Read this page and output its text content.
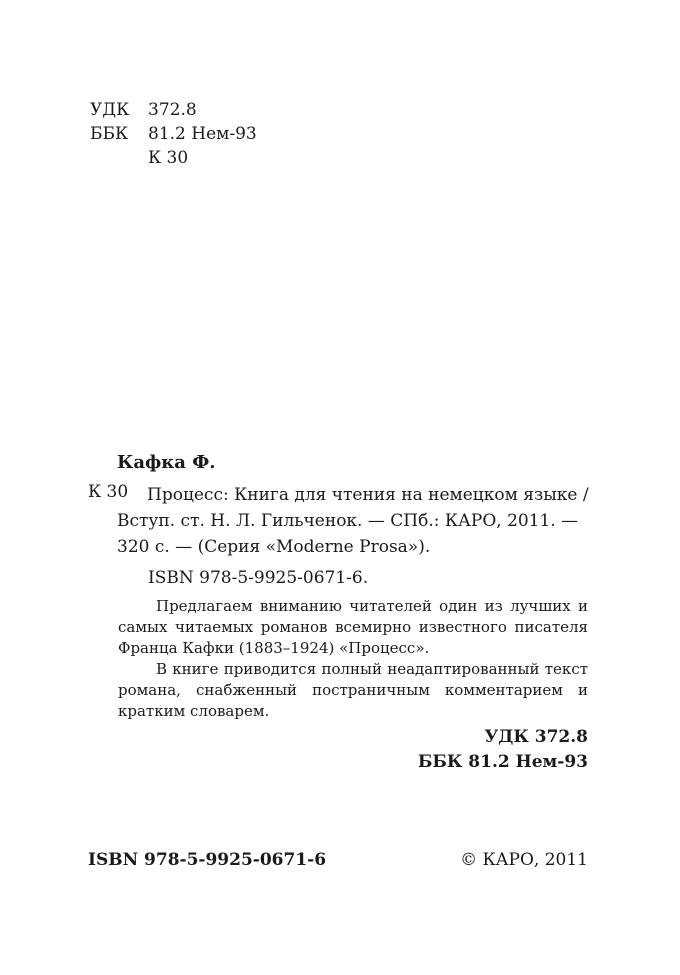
УДК	372.8
ББК	81.2 Нем-93
К 30
Кафка Ф.
К 30	Процесс: Книга для чтения на немецком языке /
Вступ. ст. Н. Л. Гильченок. — СПб.: КАРО, 2011. —
320 с. — (Серия «Moderne Prosa»).
ISBN 978-5-9925-0671-6.

Предлагаем вниманию читателей один из лучших и самых читаемых романов всемирно известного писателя Франца Кафки (1883–1924) «Процесс».

В книге приводится полный неадаптированный текст романа, снабженный постраничным комментарием и кратким словарем.

УДК 372.8
ББК 81.2 Нем-93
ISBN 978-5-9925-0671-6	© КАРО, 2011
